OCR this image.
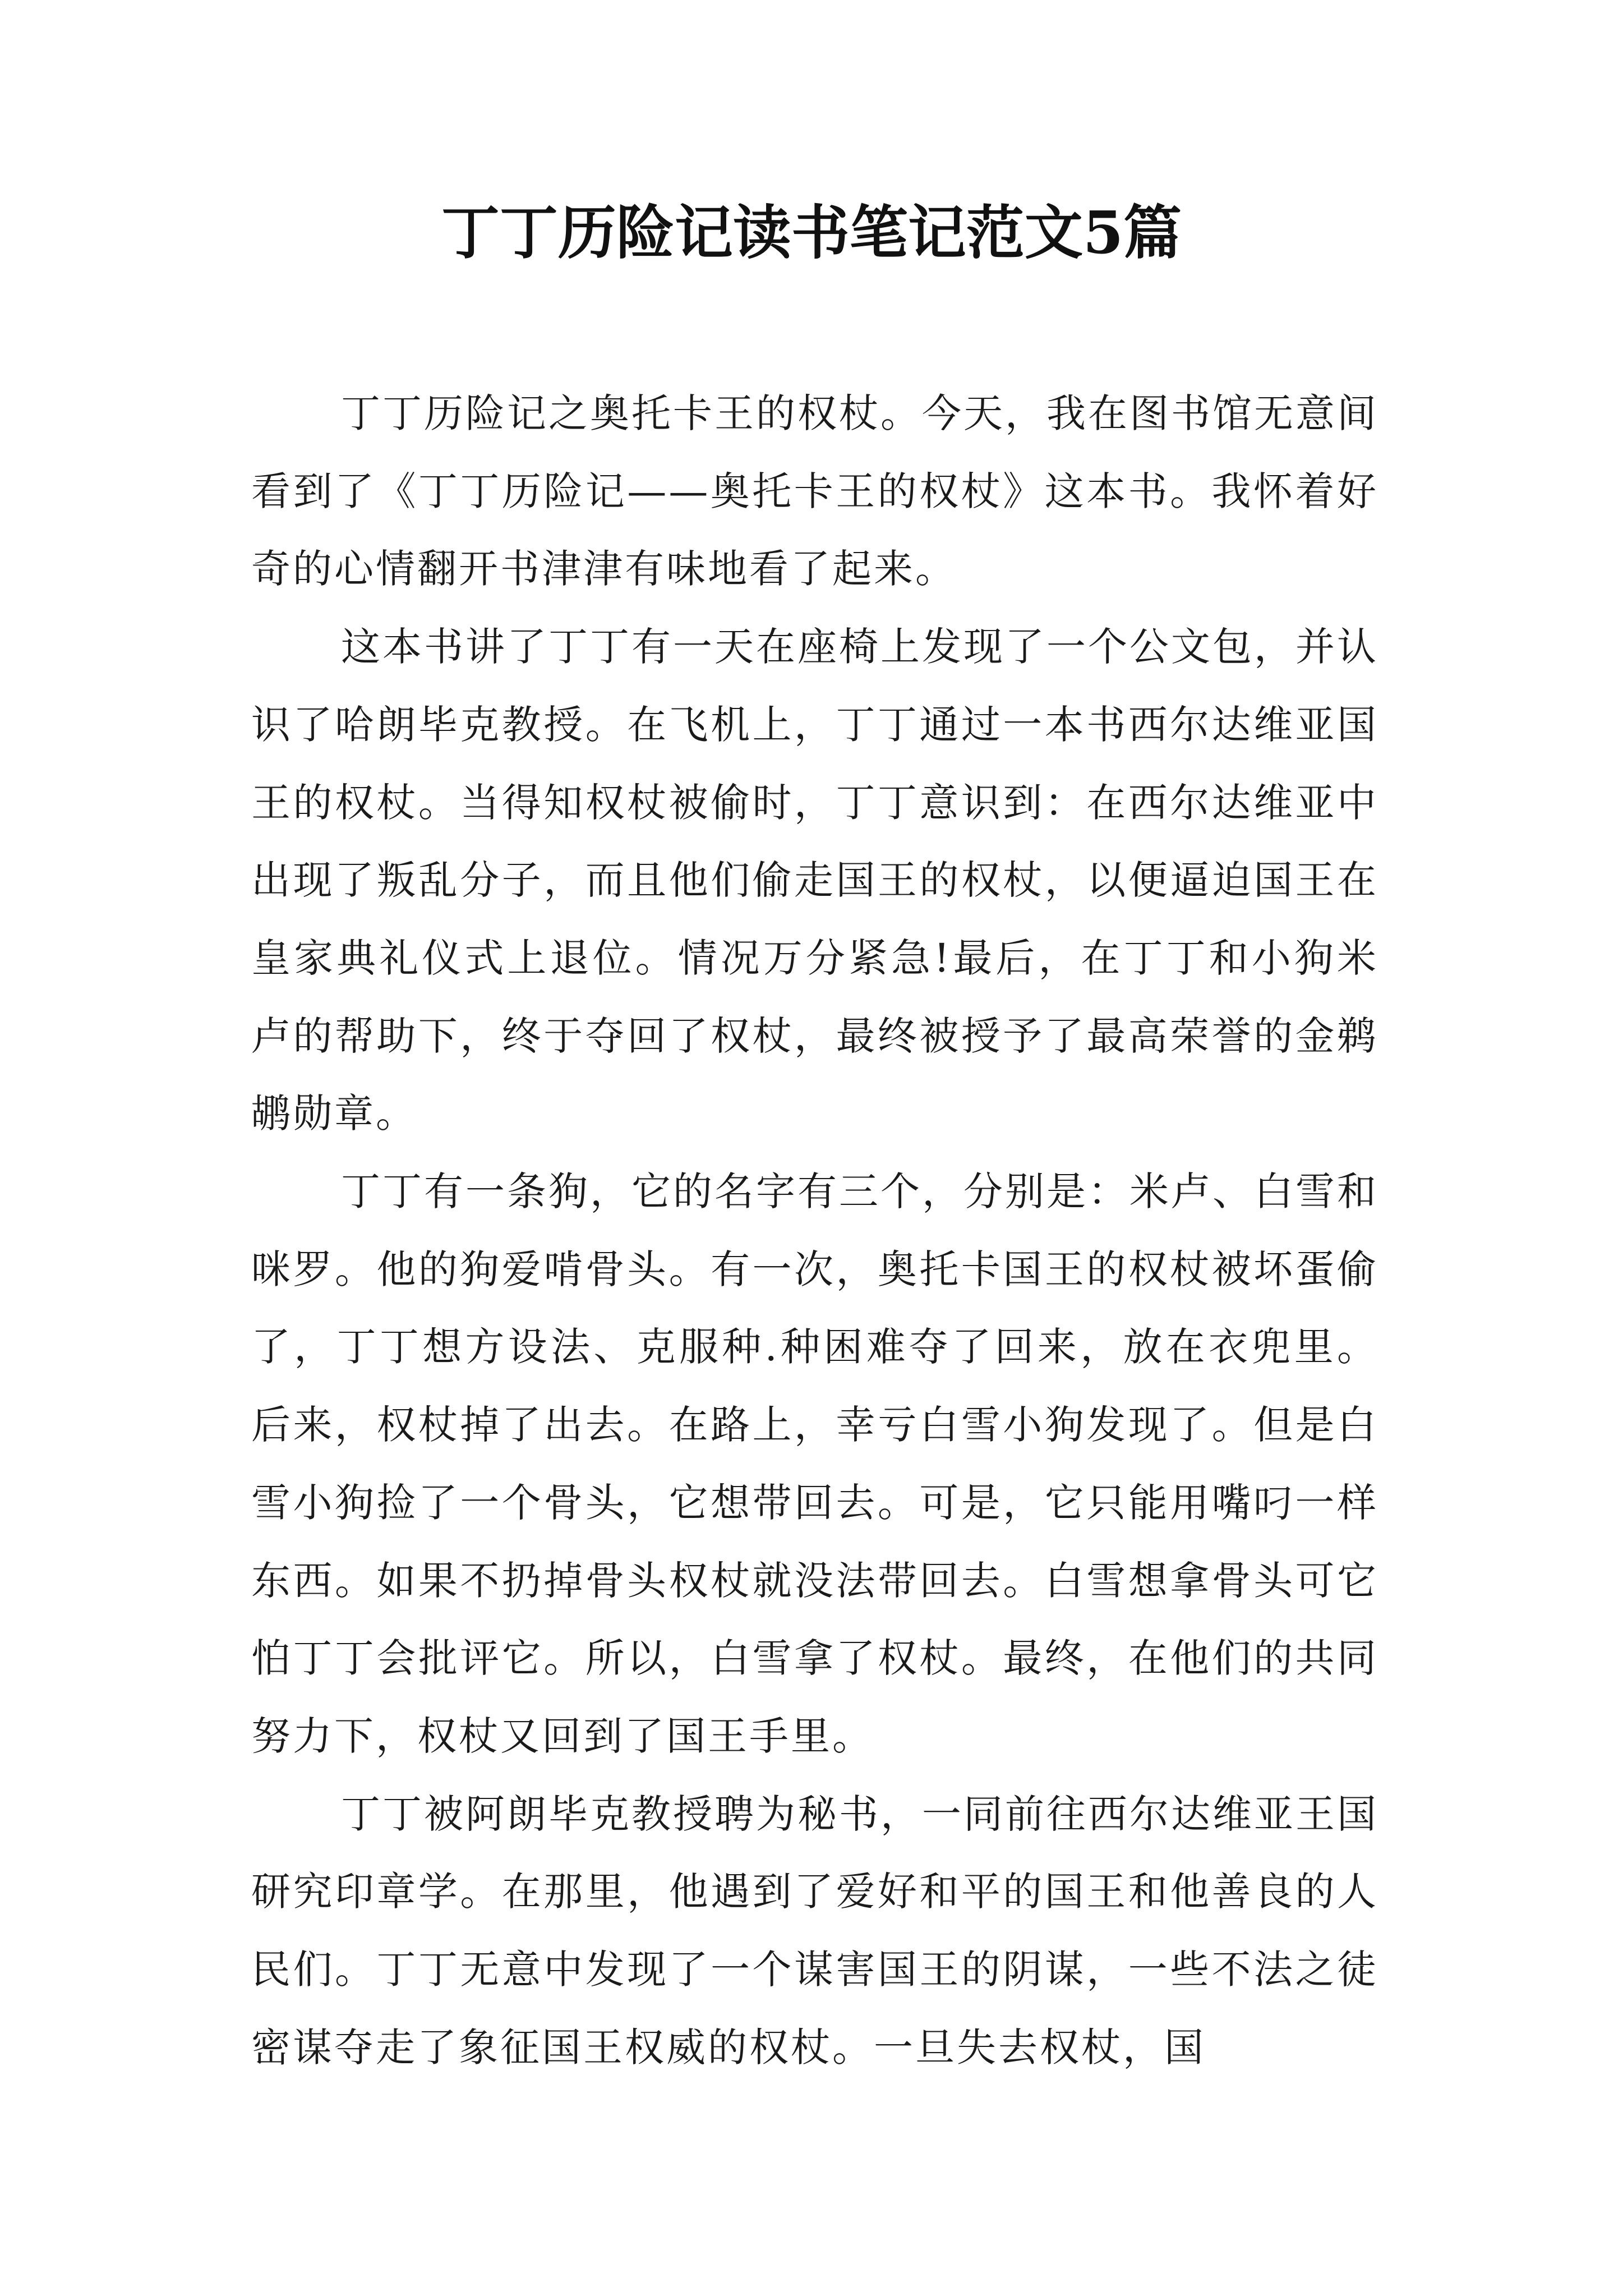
丁丁历险记读书笔记范文5篇

丁丁历险记之奥托卡王的权杖。今天，我在图书馆无意间看到了《丁丁历险记——奥托卡王的权杖》这本书。我怀着好奇的心情翻开书津津有味地看了起来。

这本书讲了丁丁有一天在座椅上发现了一个公文包，并认识了哈朗毕克教授。在飞机上，丁丁通过一本书西尔达维亚国王的权杖。当得知权杖被偷时，丁丁意识到：在西尔达维亚中出现了叛乱分子，而且他们偷走国王的权杖，以便逼迫国王在皇家典礼仪式上退位。情况万分紧急!最后，在丁丁和小狗米卢的帮助下，终于夺回了权杖，最终被授予了最高荣誉的金鹈鹕勋章。

丁丁有一条狗，它的名字有三个，分别是：米卢、白雪和咪罗。他的狗爱啃骨头。有一次，奥托卡国王的权杖被坏蛋偷了，丁丁想方设法、克服种.种困难夺了回来，放在衣兜里。后来，权杖掉了出去。在路上，幸亏白雪小狗发现了。但是白雪小狗捡了一个骨头，它想带回去。可是，它只能用嘴叼一样东西。如果不扔掉骨头权杖就没法带回去。白雪想拿骨头可它怕丁丁会批评它。所以，白雪拿了权杖。最终，在他们的共同努力下，权杖又回到了国王手里。

丁丁被阿朗毕克教授聘为秘书，一同前往西尔达维亚王国研究印章学。在那里，他遇到了爱好和平的国王和他善良的人民们。丁丁无意中发现了一个谋害国王的阴谋，一些不法之徒密谋夺走了象征国王权威的权杖。一旦失去权杖，国
